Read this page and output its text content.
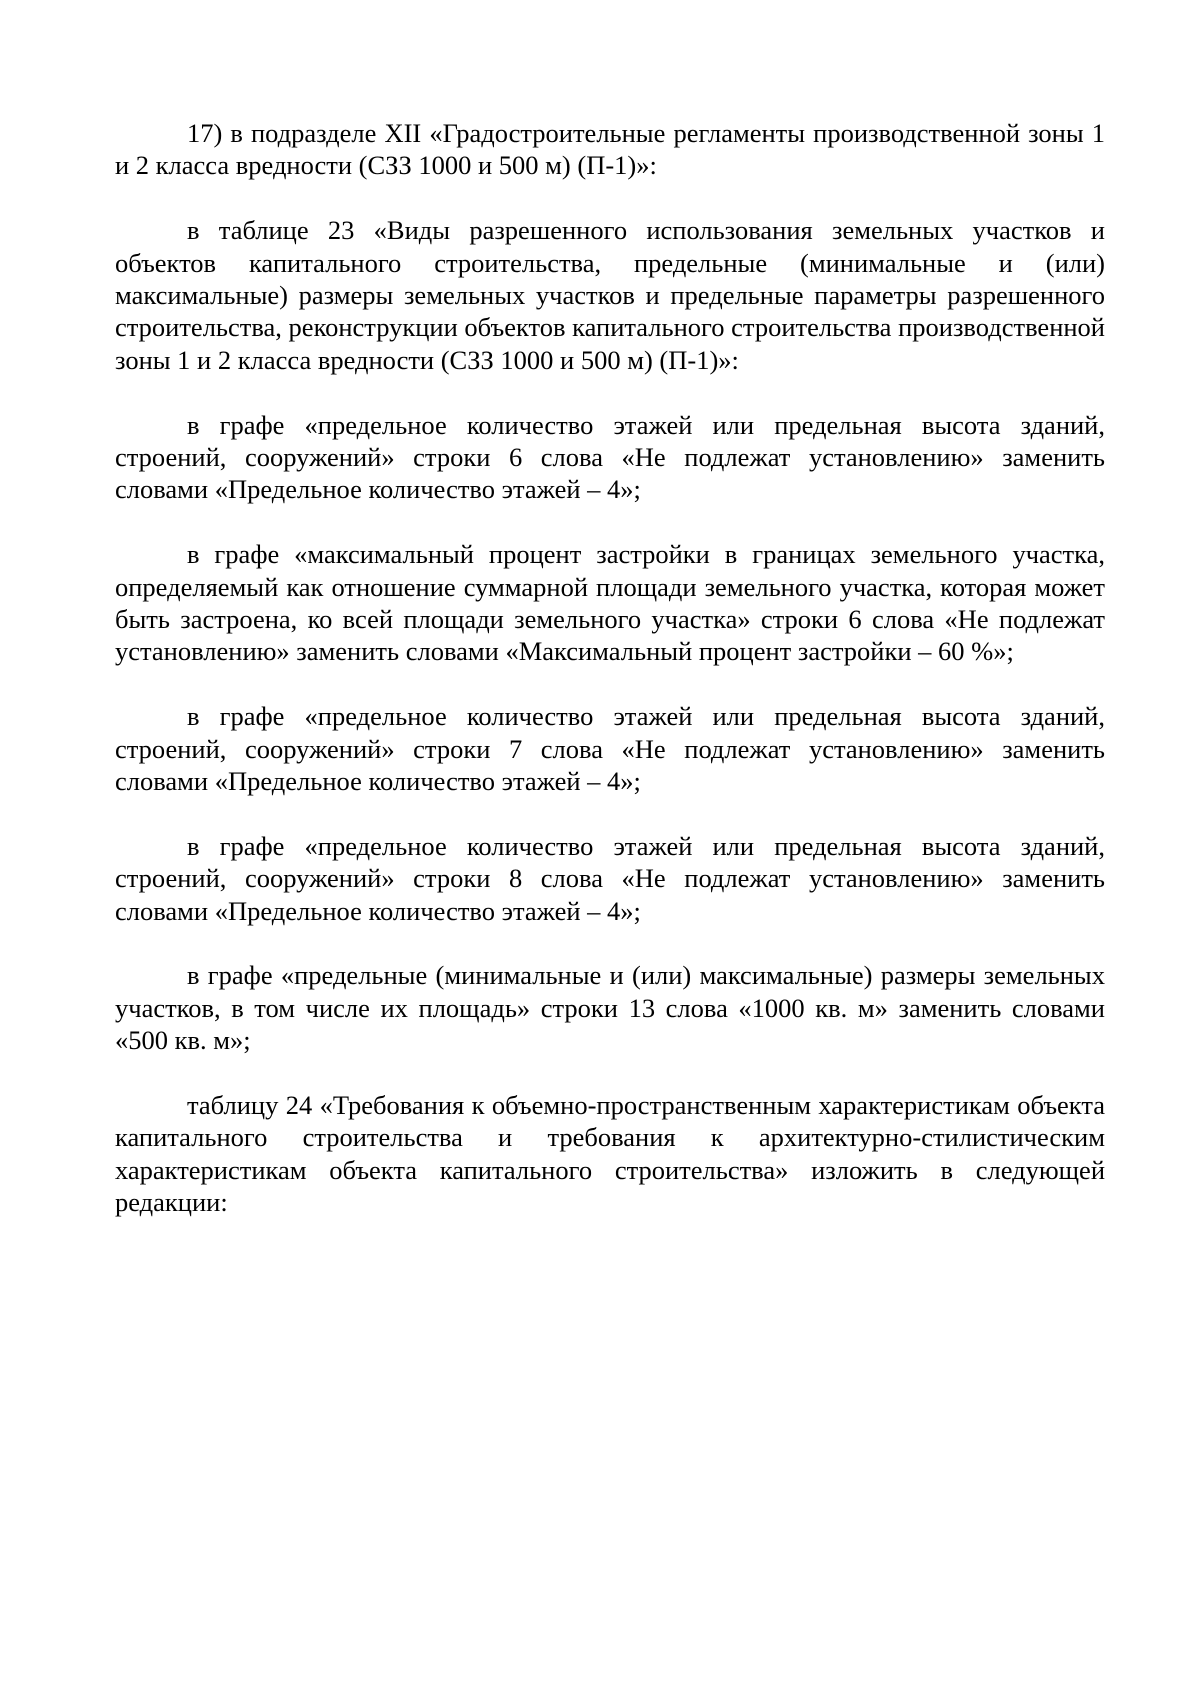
17) в подразделе XII «Градостроительные регламенты производственной зоны 1 и 2 класса вредности (СЗЗ 1000 и 500 м) (П-1)»:

в таблице 23 «Виды разрешенного использования земельных участков и объектов капитального строительства, предельные (минимальные и (или) максимальные) размеры земельных участков и предельные параметры разрешенного строительства, реконструкции объектов капитального строительства производственной зоны 1 и 2 класса вредности (СЗЗ 1000 и 500 м) (П-1)»:

в графе «предельное количество этажей или предельная высота зданий, строений, сооружений» строки 6 слова «Не подлежат установлению» заменить словами «Предельное количество этажей – 4»;

в графе «максимальный процент застройки в границах земельного участка, определяемый как отношение суммарной площади земельного участка, которая может быть застроена, ко всей площади земельного участка» строки 6 слова «Не подлежат установлению» заменить словами «Максимальный процент застройки – 60 %»;

в графе «предельное количество этажей или предельная высота зданий, строений, сооружений» строки 7 слова «Не подлежат установлению» заменить словами «Предельное количество этажей – 4»;

в графе «предельное количество этажей или предельная высота зданий, строений, сооружений» строки 8 слова «Не подлежат установлению» заменить словами «Предельное количество этажей – 4»;

в графе «предельные (минимальные и (или) максимальные) размеры земельных участков, в том числе их площадь» строки 13 слова «1000 кв. м» заменить словами «500 кв. м»;

таблицу 24 «Требования к объемно-пространственным характеристикам объекта капитального строительства и требования к архитектурно-стилистическим характеристикам объекта капитального строительства» изложить в следующей редакции:
